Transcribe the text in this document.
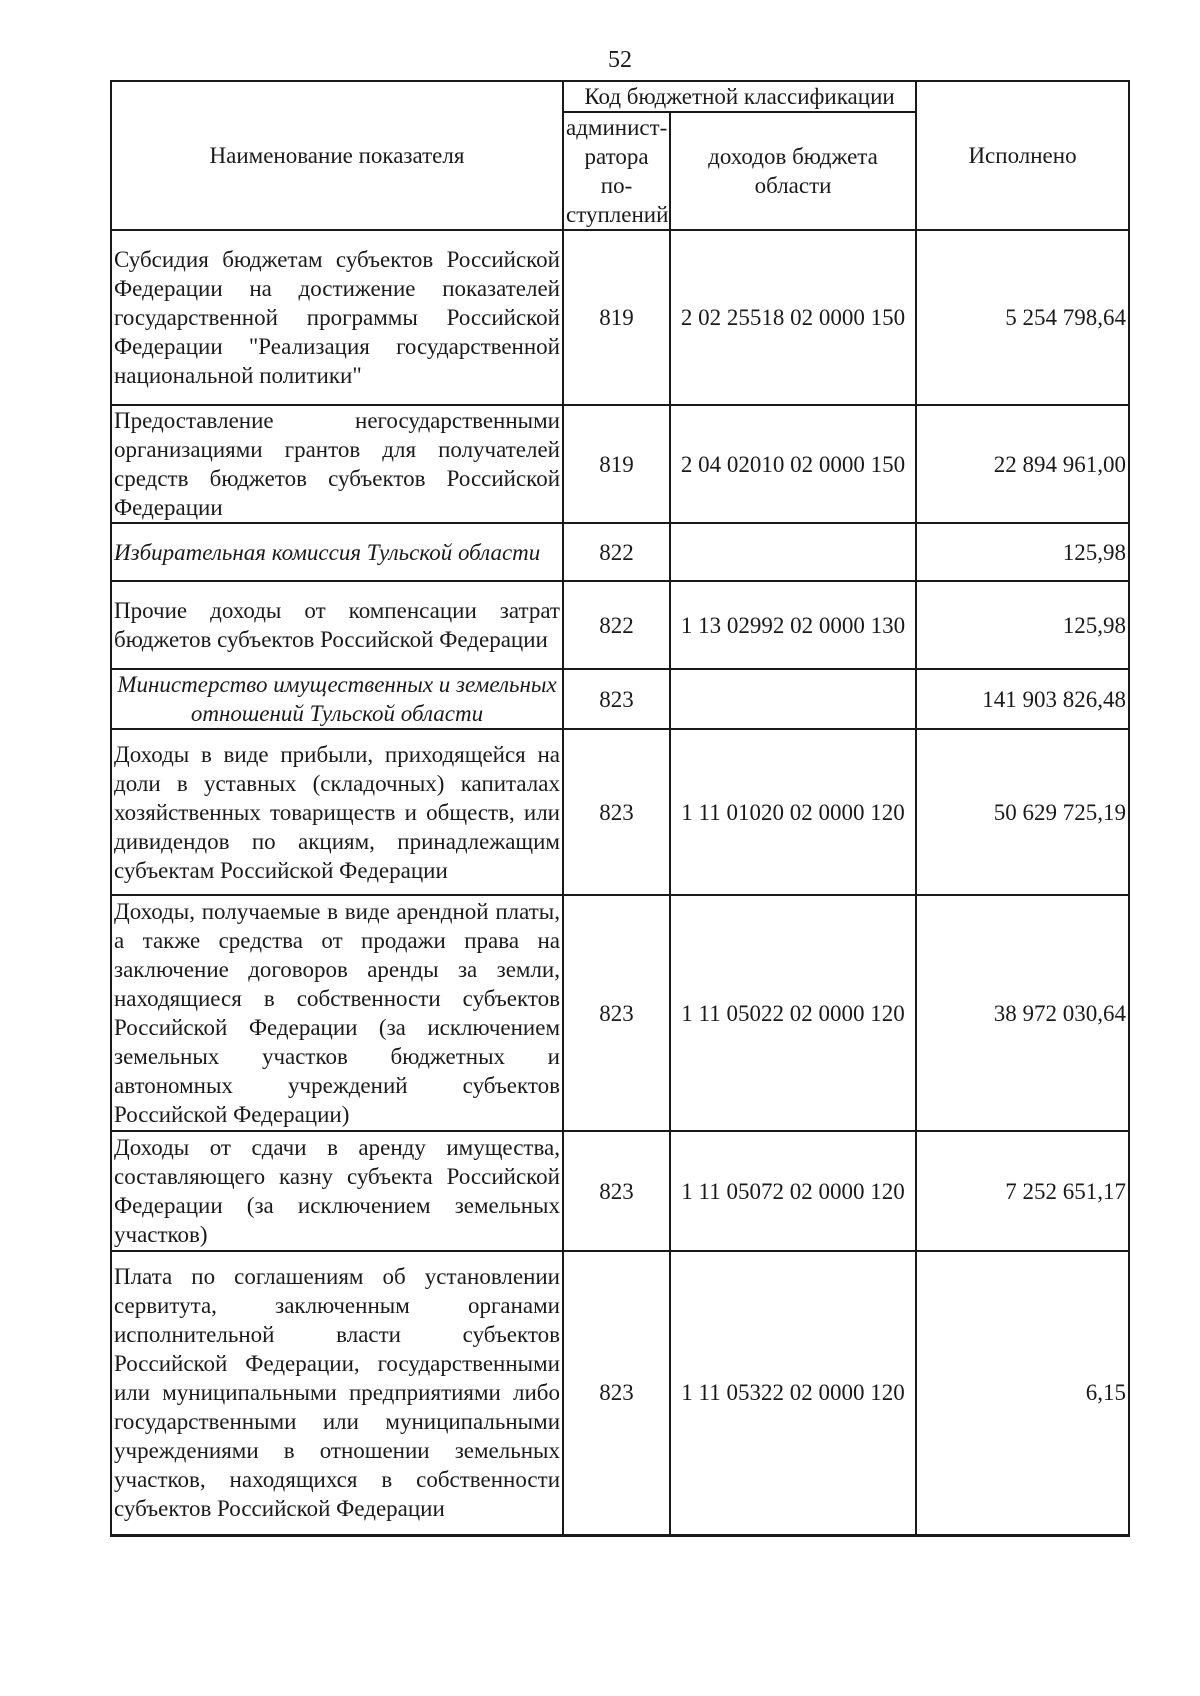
52
Наименование показателя	Код бюджетной классификации		Исполнено
	админист-ратора по-ступлений	доходов бюджета области	
Субсидия бюджетам субъектов Российской Федерации на достижение показателей государственной программы Российской Федерации "Реализация государственной национальной политики"	819	2 02 25518 02 0000 150	5 254 798,64
Предоставление негосударственными организациями грантов для получателей средств бюджетов субъектов Российской Федерации	819	2 04 02010 02 0000 150	22 894 961,00
Избирательная комиссия Тульской области	822		125,98
Прочие доходы от компенсации затрат бюджетов субъектов Российской Федерации	822	1 13 02992 02 0000 130	125,98
Министерство имущественных и земельных отношений Тульской области	823		141 903 826,48
Доходы в виде прибыли, приходящейся на доли в уставных (складочных) капиталах хозяйственных товариществ и обществ, или дивидендов по акциям, принадлежащим субъектам Российской Федерации	823	1 11 01020 02 0000 120	50 629 725,19
Доходы, получаемые в виде арендной платы, а также средства от продажи права на заключение договоров аренды за земли, находящиеся в собственности субъектов Российской Федерации (за исключением земельных участков бюджетных и автономных учреждений субъектов Российской Федерации)	823	1 11 05022 02 0000 120	38 972 030,64
Доходы от сдачи в аренду имущества, составляющего казну субъекта Российской Федерации (за исключением земельных участков)	823	1 11 05072 02 0000 120	7 252 651,17
Плата по соглашениям об установлении сервитута, заключенным органами исполнительной власти субъектов Российской Федерации, государственными или муниципальными предприятиями либо государственными или муниципальными учреждениями в отношении земельных участков, находящихся в собственности субъектов Российской Федерации	823	1 11 05322 02 0000 120	6,15
